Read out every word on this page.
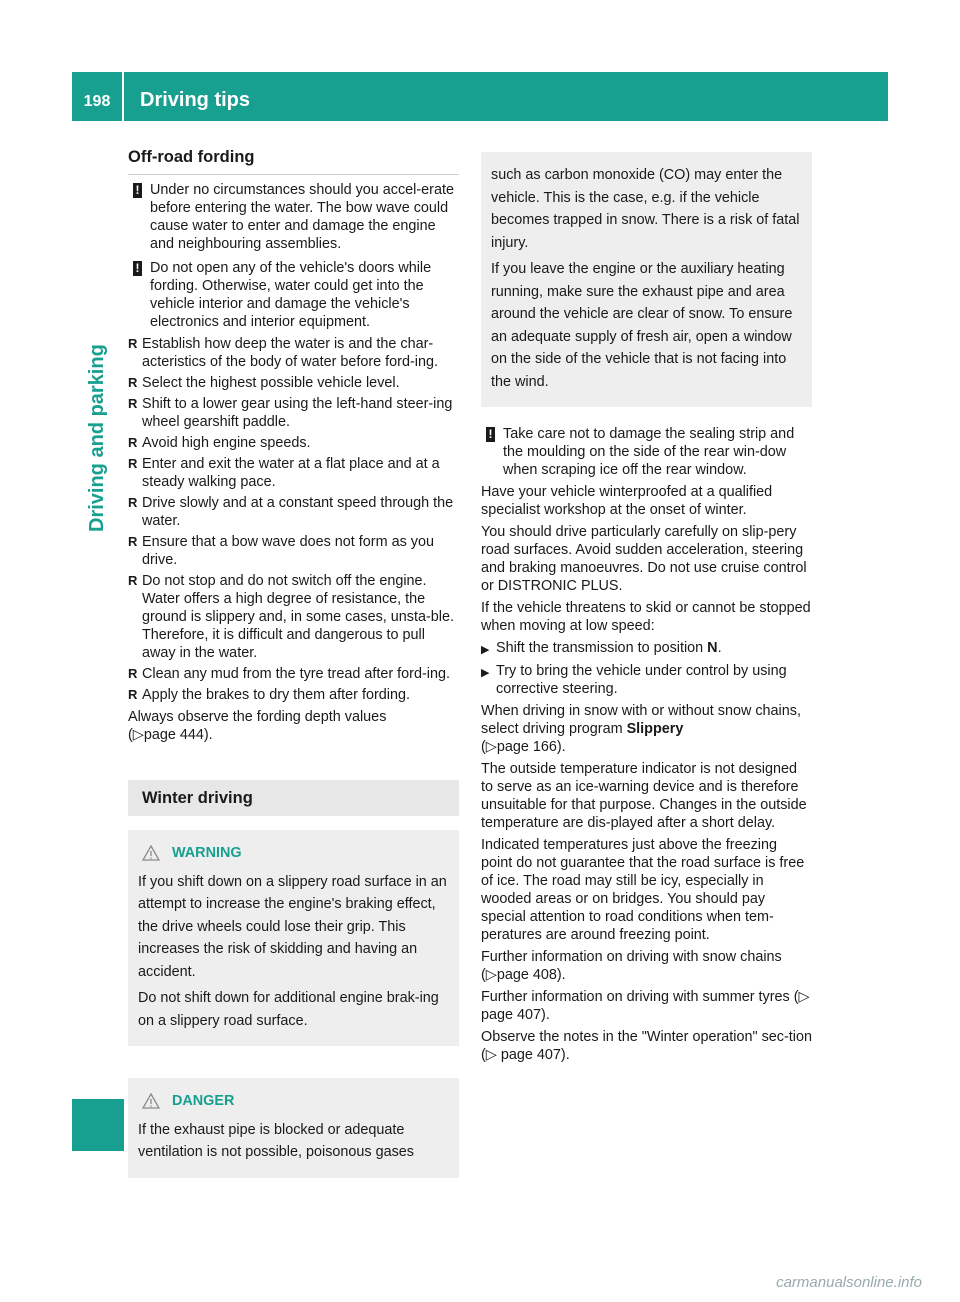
198	Driving tips
Driving and parking
Off-road fording
! Under no circumstances should you accel-erate before entering the water. The bow wave could cause water to enter and damage the engine and neighbouring assemblies.
! Do not open any of the vehicle's doors while fording. Otherwise, water could get into the vehicle interior and damage the vehicle's electronics and interior equipment.
R Establish how deep the water is and the char-acteristics of the body of water before ford-ing.
R Select the highest possible vehicle level.
R Shift to a lower gear using the left-hand steer-ing wheel gearshift paddle.
R Avoid high engine speeds.
R Enter and exit the water at a flat place and at a steady walking pace.
R Drive slowly and at a constant speed through the water.
R Ensure that a bow wave does not form as you drive.
R Do not stop and do not switch off the engine. Water offers a high degree of resistance, the ground is slippery and, in some cases, unsta-ble. Therefore, it is difficult and dangerous to pull away in the water.
R Clean any mud from the tyre tread after ford-ing.
R Apply the brakes to dry them after fording.

Always observe the fording depth values
(▷ page 444).

Winter driving
WARNING

If you shift down on a slippery road surface in an attempt to increase the engine's braking effect, the drive wheels could lose their grip. This increases the risk of skidding and having an accident.

Do not shift down for additional engine brak-ing on a slippery road surface.

DANGER

If the exhaust pipe is blocked or adequate ventilation is not possible, poisonous gases

such as carbon monoxide (CO) may enter the vehicle. This is the case, e.g. if the vehicle becomes trapped in snow. There is a risk of fatal injury.

If you leave the engine or the auxiliary heating running, make sure the exhaust pipe and area around the vehicle are clear of snow. To ensure an adequate supply of fresh air, open a window on the side of the vehicle that is not facing into the wind.

! Take care not to damage the sealing strip and the moulding on the side of the rear win-dow when scraping ice off the rear window.

Have your vehicle winterproofed at a qualified specialist workshop at the onset of winter.

You should drive particularly carefully on slip-pery road surfaces. Avoid sudden acceleration, steering and braking manoeuvres. Do not use cruise control or DISTRONIC PLUS.

If the vehicle threatens to skid or cannot be stopped when moving at low speed:

▶ Shift the transmission to position N.
▶ Try to bring the vehicle under control by using corrective steering.

When driving in snow with or without snow chains, select driving program Slippery
(▷ page 166).

The outside temperature indicator is not designed to serve as an ice-warning device and is therefore unsuitable for that purpose. Changes in the outside temperature are dis-played after a short delay.

Indicated temperatures just above the freezing point do not guarantee that the road surface is free of ice. The road may still be icy, especially in wooded areas or on bridges. You should pay special attention to road conditions when tem-peratures are around freezing point.

Further information on driving with snow chains
(▷ page 408).

Further information on driving with summer tyres (▷ page 407).

Observe the notes in the "Winter operation" sec-tion (▷ page 407).

carmanualsonline.info
